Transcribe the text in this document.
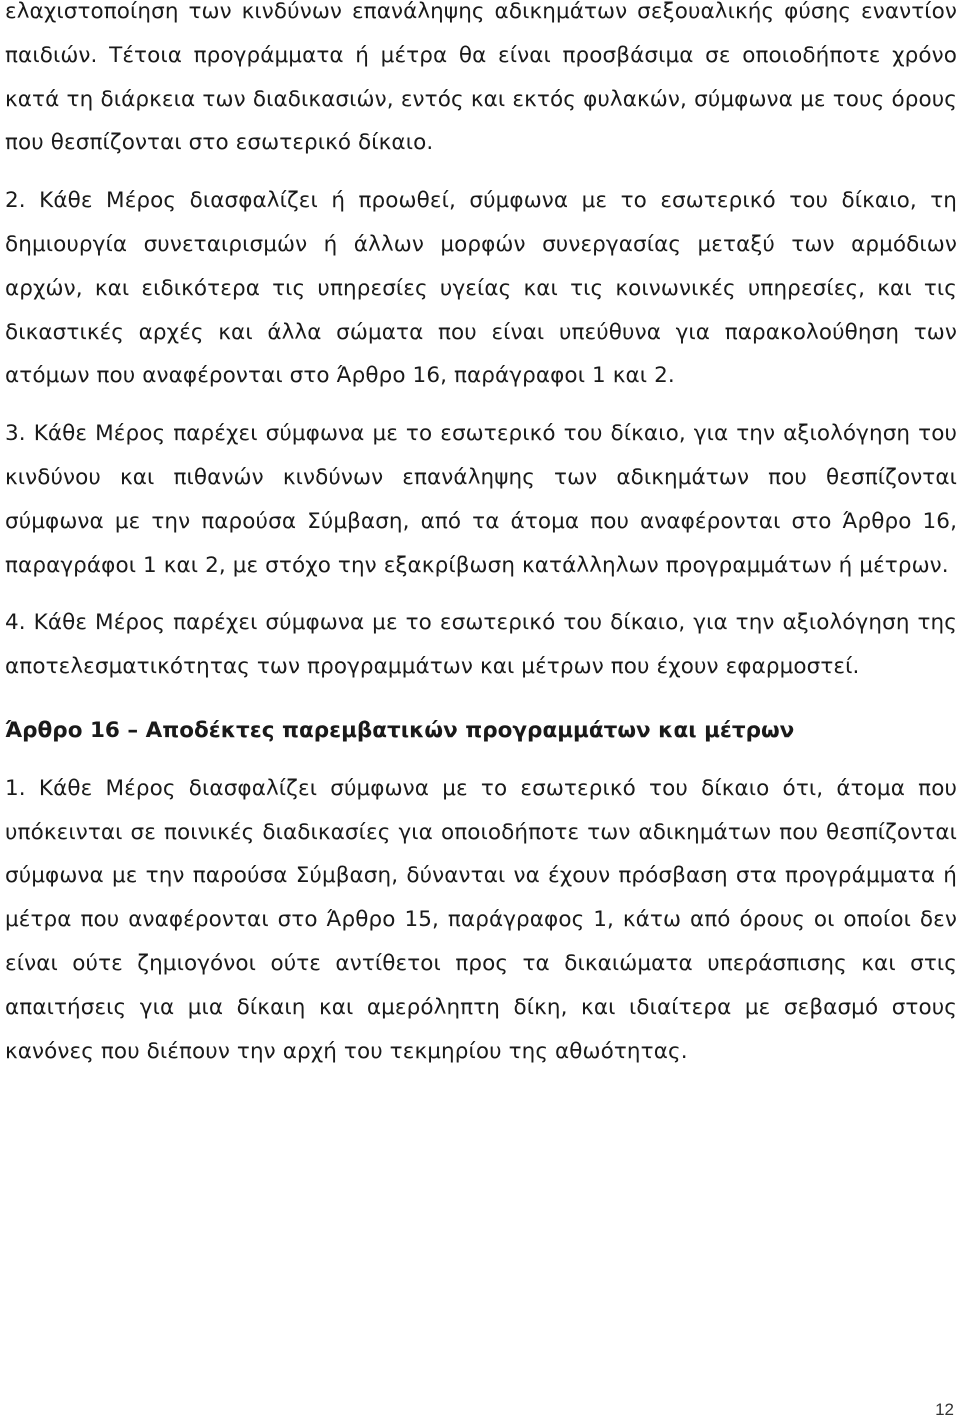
ελαχιστοποίηση των κινδύνων επανάληψης αδικημάτων σεξουαλικής φύσης εναντίον παιδιών. Τέτοια προγράμματα ή μέτρα θα είναι προσβάσιμα σε οποιοδήποτε χρόνο κατά τη διάρκεια των διαδικασιών, εντός και εκτός φυλακών, σύμφωνα με τους όρους που θεσπίζονται στο εσωτερικό δίκαιο.

2. Κάθε Μέρος διασφαλίζει ή προωθεί, σύμφωνα με το εσωτερικό του δίκαιο, τη δημιουργία συνεταιρισμών ή άλλων μορφών συνεργασίας μεταξύ των αρμόδιων αρχών, και ειδικότερα τις υπηρεσίες υγείας και τις κοινωνικές υπηρεσίες, και τις δικαστικές αρχές και άλλα σώματα που είναι υπεύθυνα για παρακολούθηση των ατόμων που αναφέρονται στο Άρθρο 16, παράγραφοι 1 και 2.

3. Κάθε Μέρος παρέχει σύμφωνα με το εσωτερικό του δίκαιο, για την αξιολόγηση του κινδύνου και πιθανών κινδύνων επανάληψης των αδικημάτων που θεσπίζονται σύμφωνα με την παρούσα Σύμβαση, από τα άτομα που αναφέρονται στο Άρθρο 16, παραγράφοι 1 και 2, με στόχο την εξακρίβωση κατάλληλων προγραμμάτων ή μέτρων.

4. Κάθε Μέρος παρέχει σύμφωνα με το εσωτερικό του δίκαιο, για την αξιολόγηση της αποτελεσματικότητας των προγραμμάτων και μέτρων που έχουν εφαρμοστεί.

Άρθρο 16 – Αποδέκτες παρεμβατικών προγραμμάτων και μέτρων

1. Κάθε Μέρος διασφαλίζει σύμφωνα με το εσωτερικό του δίκαιο ότι, άτομα που υπόκεινται σε ποινικές διαδικασίες για οποιοδήποτε των αδικημάτων που θεσπίζονται σύμφωνα με την παρούσα Σύμβαση, δύνανται να έχουν πρόσβαση στα προγράμματα ή μέτρα που αναφέρονται στο Άρθρο 15, παράγραφος 1, κάτω από όρους οι οποίοι δεν είναι ούτε ζημιογόνοι ούτε αντίθετοι προς τα δικαιώματα υπεράσπισης και στις απαιτήσεις για μια δίκαιη και αμερόληπτη δίκη, και ιδιαίτερα με σεβασμό στους κανόνες που διέπουν την αρχή του τεκμηρίου της αθωότητας.

12
